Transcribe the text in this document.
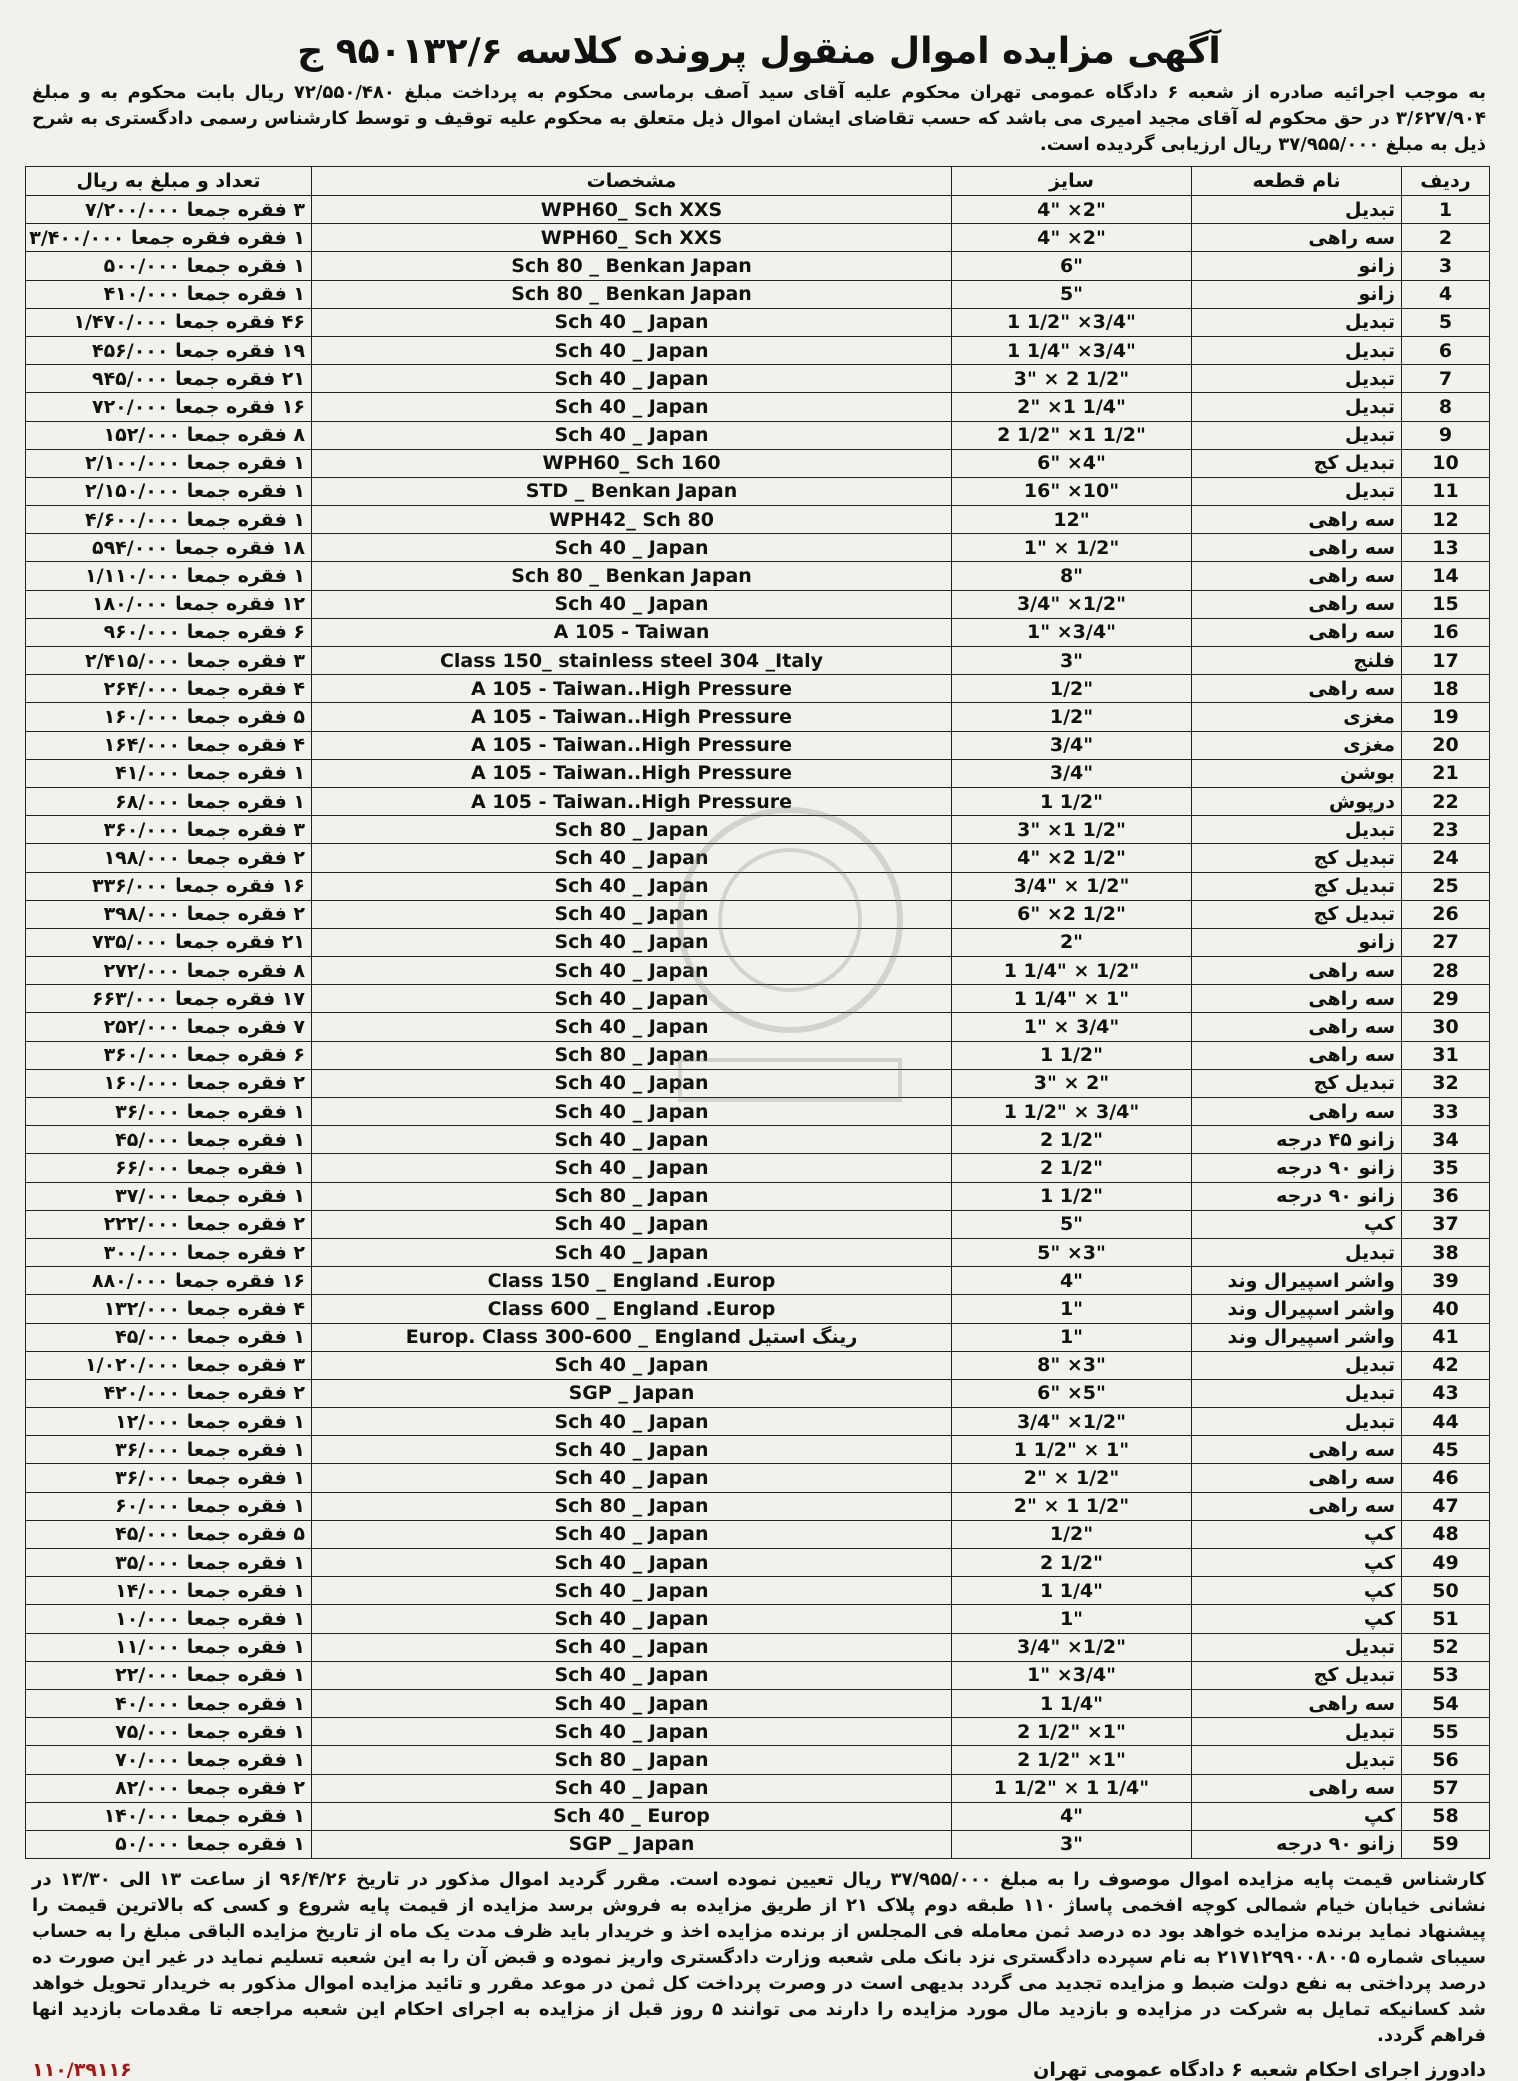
آگهی مزایده اموال منقول پرونده کلاسه ۹۵۰۱۳۲/۶ ج

به موجب اجرائیه صادره از شعبه ۶ دادگاه عمومی تهران محکوم علیه آقای سید آصف برماسی محکوم به پرداخت مبلغ ۷۲/۵۵۰/۴۸۰ ریال بابت محکوم به و مبلغ ۳/۶۲۷/۹۰۴ در حق محکوم له آقای مجید امیری می باشد که حسب تقاضای ایشان اموال ذیل متعلق به محکوم علیه توقیف و توسط کارشناس رسمی دادگستری به شرح ذیل به مبلغ ۳۷/۹۵۵/۰۰۰ ریال ارزیابی گردیده است.

ردیف	نام قطعه	سایز	مشخصات	تعداد و مبلغ به ریال
1	تبدیل	4" ×2"	WPH60_ Sch XXS	۳ فقره جمعا ۷/۲۰۰/۰۰۰
2	سه راهی	4" ×2"	WPH60_ Sch XXS	۱ فقره فقره جمعا ۳/۴۰۰/۰۰۰
3	زانو	6"	Sch 80 _ Benkan Japan	۱ فقره جمعا ۵۰۰/۰۰۰
4	زانو	5"	Sch 80 _ Benkan Japan	۱ فقره جمعا ۴۱۰/۰۰۰
5	تبدیل	1 1/2" ×3/4"	Sch 40 _ Japan	۴۶ فقره جمعا ۱/۴۷۰/۰۰۰
6	تبدیل	1 1/4" ×3/4"	Sch 40 _ Japan	۱۹ فقره جمعا ۴۵۶/۰۰۰
7	تبدیل	3" × 2 1/2"	Sch 40 _ Japan	۲۱ فقره جمعا ۹۴۵/۰۰۰
8	تبدیل	2" ×1 1/4"	Sch 40 _ Japan	۱۶ فقره جمعا ۷۲۰/۰۰۰
9	تبدیل	2 1/2" ×1 1/2"	Sch 40 _ Japan	۸ فقره جمعا ۱۵۲/۰۰۰
10	تبدیل کج	6" ×4"	WPH60_ Sch 160	۱ فقره جمعا ۲/۱۰۰/۰۰۰
11	تبدیل	16" ×10"	STD _ Benkan Japan	۱ فقره جمعا ۲/۱۵۰/۰۰۰
12	سه راهی	12"	WPH42_ Sch 80	۱ فقره جمعا ۴/۶۰۰/۰۰۰
13	سه راهی	1" × 1/2"	Sch 40 _ Japan	۱۸ فقره جمعا ۵۹۴/۰۰۰
14	سه راهی	8"	Sch 80 _ Benkan Japan	۱ فقره جمعا ۱/۱۱۰/۰۰۰
15	سه راهی	3/4" ×1/2"	Sch 40 _ Japan	۱۲ فقره جمعا ۱۸۰/۰۰۰
16	سه راهی	1" ×3/4"	A 105 - Taiwan	۶ فقره جمعا ۹۶۰/۰۰۰
17	فلنج	3"	Class 150_ stainless steel 304 _Italy	۳ فقره جمعا ۲/۴۱۵/۰۰۰
18	سه راهی	1/2"	A 105 - Taiwan..High Pressure	۴ فقره جمعا ۲۶۴/۰۰۰
19	مغزی	1/2"	A 105 - Taiwan..High Pressure	۵ فقره جمعا ۱۶۰/۰۰۰
20	مغزی	3/4"	A 105 - Taiwan..High Pressure	۴ فقره جمعا ۱۶۴/۰۰۰
21	بوشن	3/4"	A 105 - Taiwan..High Pressure	۱ فقره جمعا ۴۱/۰۰۰
22	درپوش	1 1/2"	A 105 - Taiwan..High Pressure	۱ فقره جمعا ۶۸/۰۰۰
23	تبدیل	3" ×1 1/2"	Sch 80 _ Japan	۳ فقره جمعا ۳۶۰/۰۰۰
24	تبدیل کج	4" ×2 1/2"	Sch 40 _ Japan	۲ فقره جمعا ۱۹۸/۰۰۰
25	تبدیل کج	3/4" × 1/2"	Sch 40 _ Japan	۱۶ فقره جمعا ۳۳۶/۰۰۰
26	تبدیل کج	6" ×2 1/2"	Sch 40 _ Japan	۲ فقره جمعا ۳۹۸/۰۰۰
27	زانو	2"	Sch 40 _ Japan	۲۱ فقره جمعا ۷۳۵/۰۰۰
28	سه راهی	1 1/4" × 1/2"	Sch 40 _ Japan	۸ فقره جمعا ۲۷۲/۰۰۰
29	سه راهی	1 1/4" × 1"	Sch 40 _ Japan	۱۷ فقره جمعا ۶۶۳/۰۰۰
30	سه راهی	1" × 3/4"	Sch 40 _ Japan	۷ فقره جمعا ۲۵۲/۰۰۰
31	سه راهی	1 1/2"	Sch 80 _ Japan	۶ فقره جمعا ۳۶۰/۰۰۰
32	تبدیل کج	3" × 2"	Sch 40 _ Japan	۲ فقره جمعا ۱۶۰/۰۰۰
33	سه راهی	1 1/2" × 3/4"	Sch 40 _ Japan	۱ فقره جمعا ۳۶/۰۰۰
34	زانو ۴۵ درجه	2 1/2"	Sch 40 _ Japan	۱ فقره جمعا ۴۵/۰۰۰
35	زانو ۹۰ درجه	2 1/2"	Sch 40 _ Japan	۱ فقره جمعا ۶۶/۰۰۰
36	زانو ۹۰ درجه	1 1/2"	Sch 80 _ Japan	۱ فقره جمعا ۳۷/۰۰۰
37	کپ	5"	Sch 40 _ Japan	۲ فقره جمعا ۲۲۲/۰۰۰
38	تبدیل	5" ×3"	Sch 40 _ Japan	۲ فقره جمعا ۳۰۰/۰۰۰
39	واشر اسپیرال وند	4"	Class 150 _ England .Europ	۱۶ فقره جمعا ۸۸۰/۰۰۰
40	واشر اسپیرال وند	1"	Class 600 _ England .Europ	۴ فقره جمعا ۱۳۲/۰۰۰
41	واشر اسپیرال وند	1"	Europ. Class 300-600 _ England رینگ استیل	۱ فقره جمعا ۴۵/۰۰۰
42	تبدیل	8" ×3"	Sch 40 _ Japan	۳ فقره جمعا ۱/۰۲۰/۰۰۰
43	تبدیل	6" ×5"	SGP _ Japan	۲ فقره جمعا ۴۲۰/۰۰۰
44	تبدیل	3/4" ×1/2"	Sch 40 _ Japan	۱ فقره جمعا ۱۲/۰۰۰
45	سه راهی	1 1/2" × 1"	Sch 40 _ Japan	۱ فقره جمعا ۳۶/۰۰۰
46	سه راهی	2" × 1/2"	Sch 40 _ Japan	۱ فقره جمعا ۳۶/۰۰۰
47	سه راهی	2" × 1 1/2"	Sch 80 _ Japan	۱ فقره جمعا ۶۰/۰۰۰
48	کپ	1/2"	Sch 40 _ Japan	۵ فقره جمعا ۴۵/۰۰۰
49	کپ	2 1/2"	Sch 40 _ Japan	۱ فقره جمعا ۳۵/۰۰۰
50	کپ	1 1/4"	Sch 40 _ Japan	۱ فقره جمعا ۱۴/۰۰۰
51	کپ	1"	Sch 40 _ Japan	۱ فقره جمعا ۱۰/۰۰۰
52	تبدیل	3/4" ×1/2"	Sch 40 _ Japan	۱ فقره جمعا ۱۱/۰۰۰
53	تبدیل کج	1" ×3/4"	Sch 40 _ Japan	۱ فقره جمعا ۲۲/۰۰۰
54	سه راهی	1 1/4"	Sch 40 _ Japan	۱ فقره جمعا ۴۰/۰۰۰
55	تبدیل	2 1/2" ×1"	Sch 40 _ Japan	۱ فقره جمعا ۷۵/۰۰۰
56	تبدیل	2 1/2" ×1"	Sch 80 _ Japan	۱ فقره جمعا ۷۰/۰۰۰
57	سه راهی	1 1/2" × 1 1/4"	Sch 40 _ Japan	۲ فقره جمعا ۸۲/۰۰۰
58	کپ	4"	Sch 40 _ Europ	۱ فقره جمعا ۱۴۰/۰۰۰
59	زانو ۹۰ درجه	3"	SGP _ Japan	۱ فقره جمعا ۵۰/۰۰۰

کارشناس قیمت پایه مزایده اموال موصوف را به مبلغ ۳۷/۹۵۵/۰۰۰ ریال تعیین نموده است. مقرر گردید اموال مذکور در تاریخ ۹۶/۴/۲۶ از ساعت ۱۳ الی ۱۳/۳۰ در نشانی خیابان خیام شمالی کوچه افخمی پاساژ ۱۱۰ طبقه دوم پلاک ۲۱ از طریق مزایده به فروش برسد مزایده از قیمت پایه شروع و کسی که بالاترین قیمت را پیشنهاد نماید برنده مزایده خواهد بود ده درصد ثمن معامله فی المجلس از برنده مزایده اخذ و خریدار باید ظرف مدت یک ماه از تاریخ مزایده الباقی مبلغ را به حساب سیبای شماره ۲۱۷۱۲۹۹۰۰۸۰۰۵ به نام سپرده دادگستری نزد بانک ملی شعبه وزارت دادگستری واریز نموده و قبض آن را به این شعبه تسلیم نماید در غیر این صورت ده درصد پرداختی به نفع دولت ضبط و مزایده تجدید می گردد بدیهی است در وصرت پرداخت کل ثمن در موعد مقرر و تائید مزایده اموال مذکور به خریدار تحویل خواهد شد کسانیکه تمایل به شرکت در مزایده و بازدید مال مورد مزایده را دارند می توانند ۵ روز قبل از مزایده به اجرای احکام این شعبه مراجعه تا مقدمات بازدید انها فراهم گردد.

دادورز اجرای احکام شعبه ۶ دادگاه عمومی تهران
۱۱۰/۳۹۱۱۶
